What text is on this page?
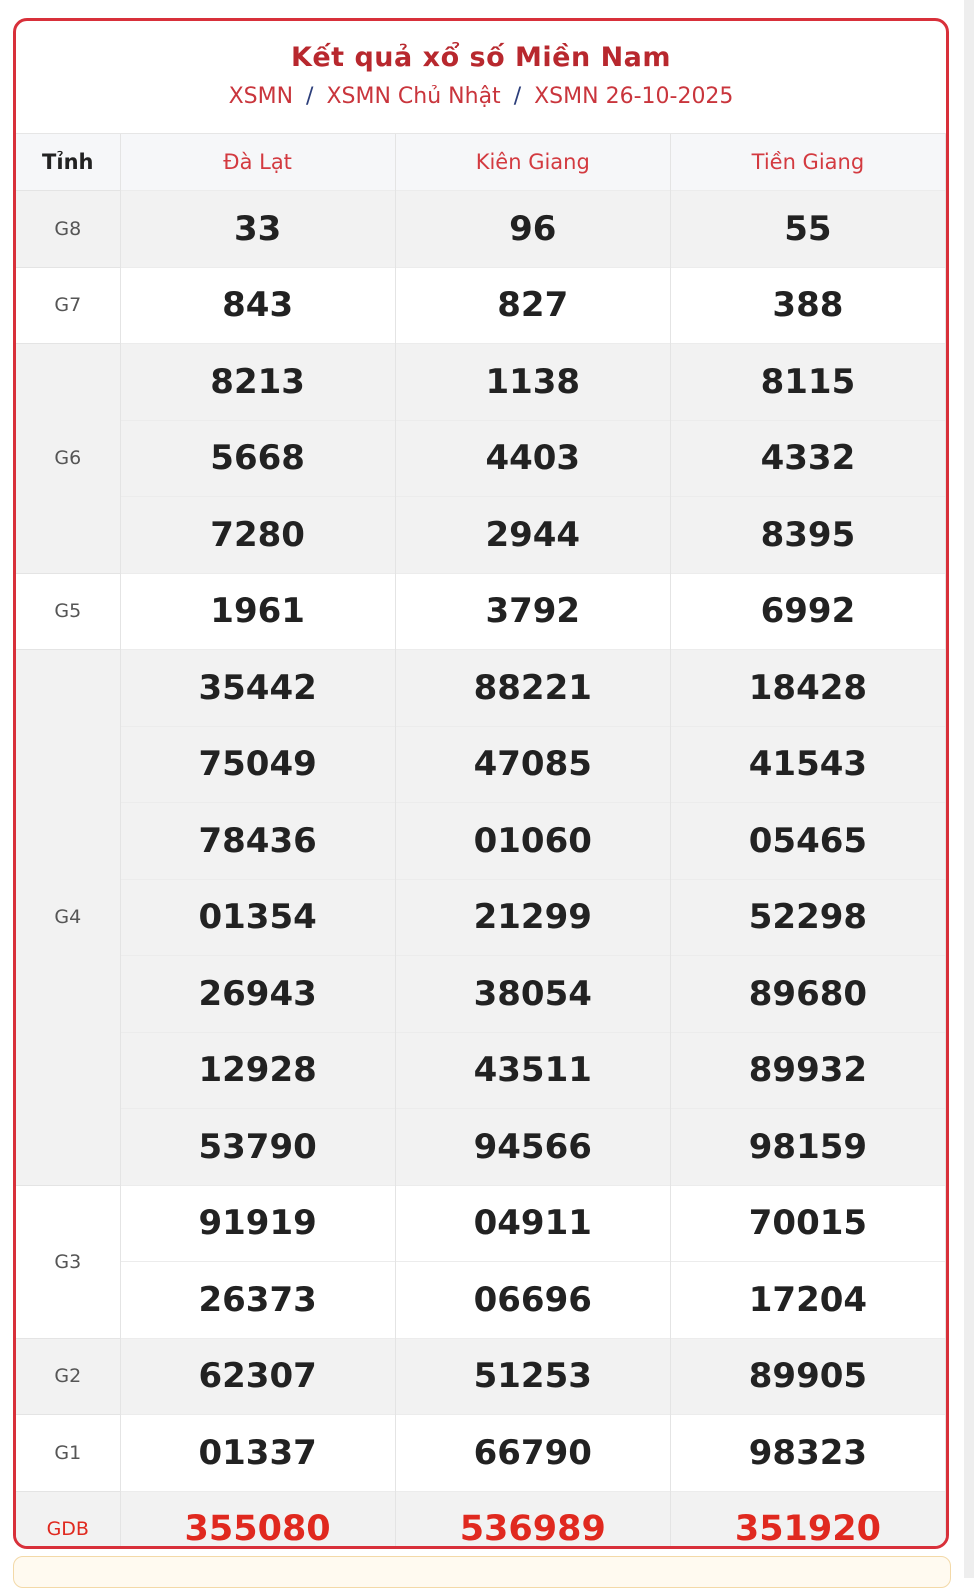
Kết quả xổ số Miền Nam
XSMN / XSMN Chủ Nhật / XSMN 26-10-2025
Tỉnh	Đà Lạt	Kiên Giang	Tiền Giang
G8	33	96	55
G7	843	827	388
G6	8213	1138	8115
	5668	4403	4332
	7280	2944	8395
G5	1961	3792	6992
G4	35442	88221	18428
	75049	47085	41543
	78436	01060	05465
	01354	21299	52298
	26943	38054	89680
	12928	43511	89932
	53790	94566	98159
G3	91919	04911	70015
	26373	06696	17204
G2	62307	51253	89905
G1	01337	66790	98323
GDB	355080	536989	351920
